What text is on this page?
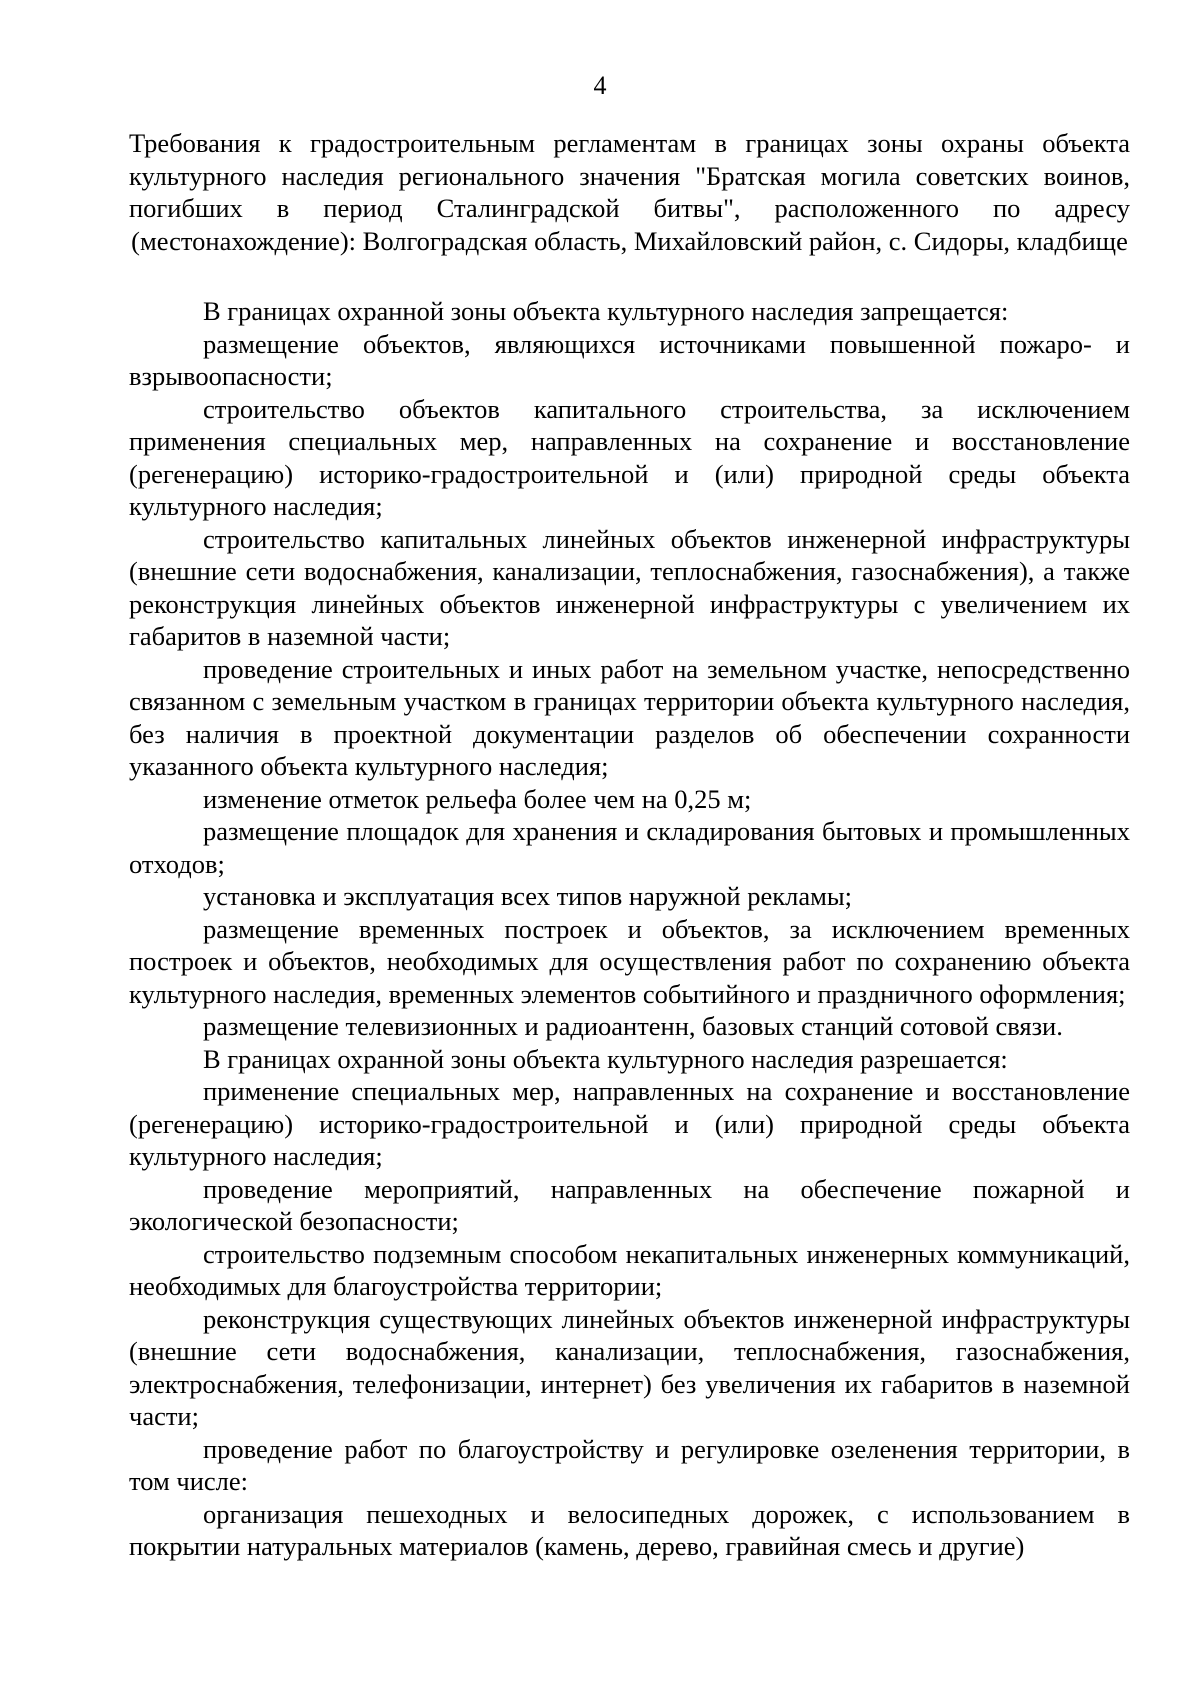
4

Требования к градостроительным регламентам в границах зоны охраны объекта культурного наследия регионального значения "Братская могила советских воинов, погибших в период Сталинградской битвы", расположенного по адресу (местонахождение): Волгоградская область, Михайловский район, с. Сидоры, кладбище

В границах охранной зоны объекта культурного наследия запрещается:

размещение объектов, являющихся источниками повышенной пожаро- и взрывоопасности;

строительство объектов капитального строительства, за исключением применения специальных мер, направленных на сохранение и восстановление (регенерацию) историко-градостроительной и (или) природной среды объекта культурного наследия;

строительство капитальных линейных объектов инженерной инфраструктуры (внешние сети водоснабжения, канализации, теплоснабжения, газоснабжения), а также реконструкция линейных объектов инженерной инфраструктуры с увеличением их габаритов в наземной части;

проведение строительных и иных работ на земельном участке, непосредственно связанном с земельным участком в границах территории объекта культурного наследия, без наличия в проектной документации разделов об обеспечении сохранности указанного объекта культурного наследия;

изменение отметок рельефа более чем на 0,25 м;

размещение площадок для хранения и складирования бытовых и промышленных отходов;

установка и эксплуатация всех типов наружной рекламы;

размещение временных построек и объектов, за исключением временных построек и объектов, необходимых для осуществления работ по сохранению объекта культурного наследия, временных элементов событийного и праздничного оформления;

размещение телевизионных и радиоантенн, базовых станций сотовой связи.

В границах охранной зоны объекта культурного наследия разрешается:

применение специальных мер, направленных на сохранение и восстановление (регенерацию) историко-градостроительной и (или) природной среды объекта культурного наследия;

проведение мероприятий, направленных на обеспечение пожарной и экологической безопасности;

строительство подземным способом некапитальных инженерных коммуникаций, необходимых для благоустройства территории;

реконструкция существующих линейных объектов инженерной инфраструктуры (внешние сети водоснабжения, канализации, теплоснабжения, газоснабжения, электроснабжения, телефонизации, интернет) без увеличения их габаритов в наземной части;

проведение работ по благоустройству и регулировке озеленения территории, в том числе:

организация пешеходных и велосипедных дорожек, с использованием в покрытии натуральных материалов (камень, дерево, гравийная смесь и другие)
